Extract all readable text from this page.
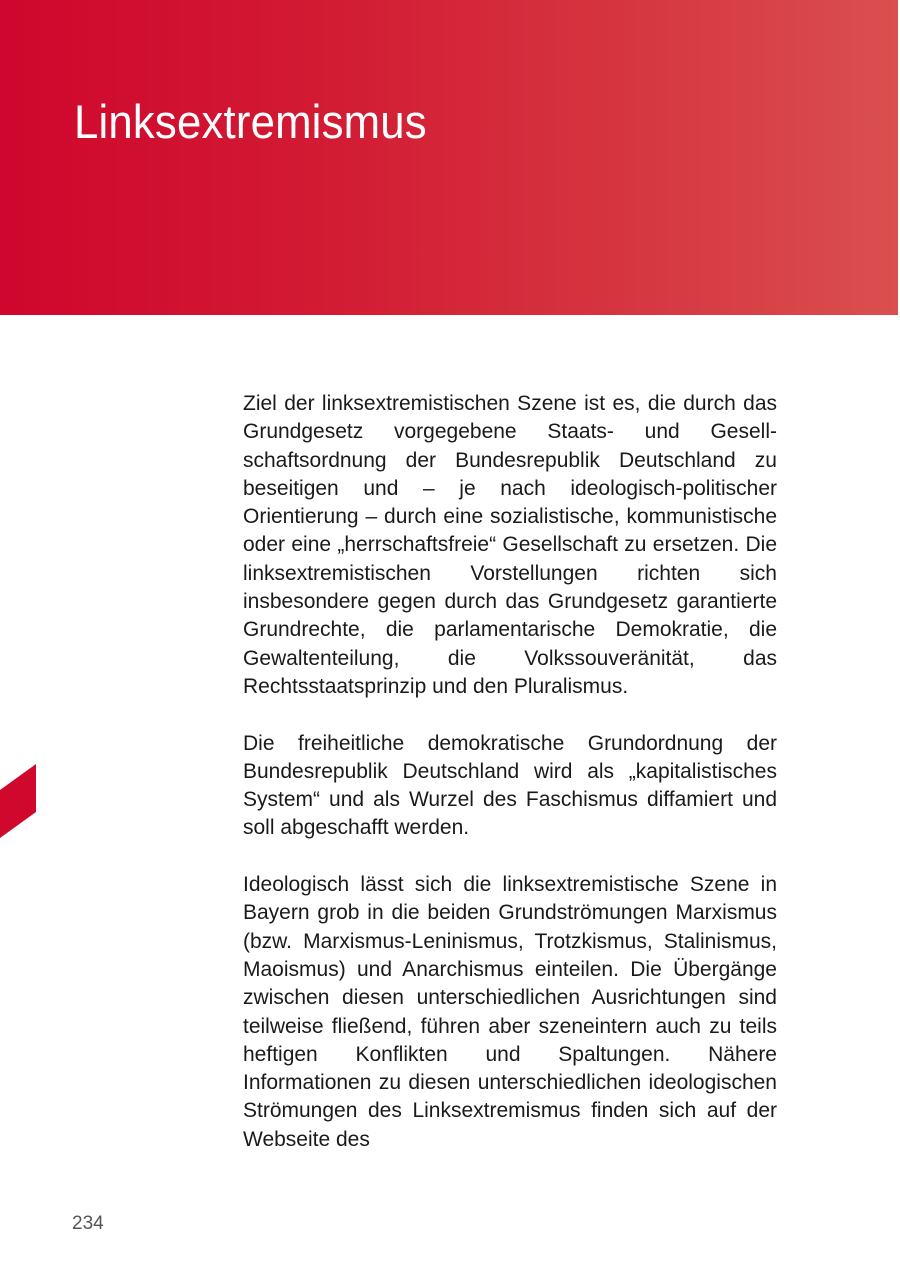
Linksextremismus

Ziel der linksextremistischen Szene ist es, die durch das Grundgesetz vorgegebene Staats- und Gesellschaftsordnung der Bundesrepublik Deutschland zu beseitigen und – je nach ideologisch-politischer Orientierung – durch eine sozialistische, kommunistische oder eine „herrschaftsfreie“ Gesellschaft zu ersetzen. Die linksextremistischen Vorstellungen richten sich insbesondere gegen durch das Grundgesetz garantierte Grundrechte, die parlamentarische Demokratie, die Gewaltenteilung, die Volkssouveränität, das Rechtsstaatsprinzip und den Pluralismus.

Die freiheitliche demokratische Grundordnung der Bundesrepublik Deutschland wird als „kapitalistisches System“ und als Wurzel des Faschismus diffamiert und soll abgeschafft werden.

Ideologisch lässt sich die linksextremistische Szene in Bayern grob in die beiden Grundströmungen Marxismus (bzw. Marxismus-Leninismus, Trotzkismus, Stalinismus, Maoismus) und Anarchismus einteilen. Die Übergänge zwischen diesen unterschiedlichen Ausrichtungen sind teilweise fließend, führen aber szeneintern auch zu teils heftigen Konflikten und Spaltungen. Nähere Informationen zu diesen unterschiedlichen ideologischen Strömungen des Linksextremismus finden sich auf der Webseite des

234
